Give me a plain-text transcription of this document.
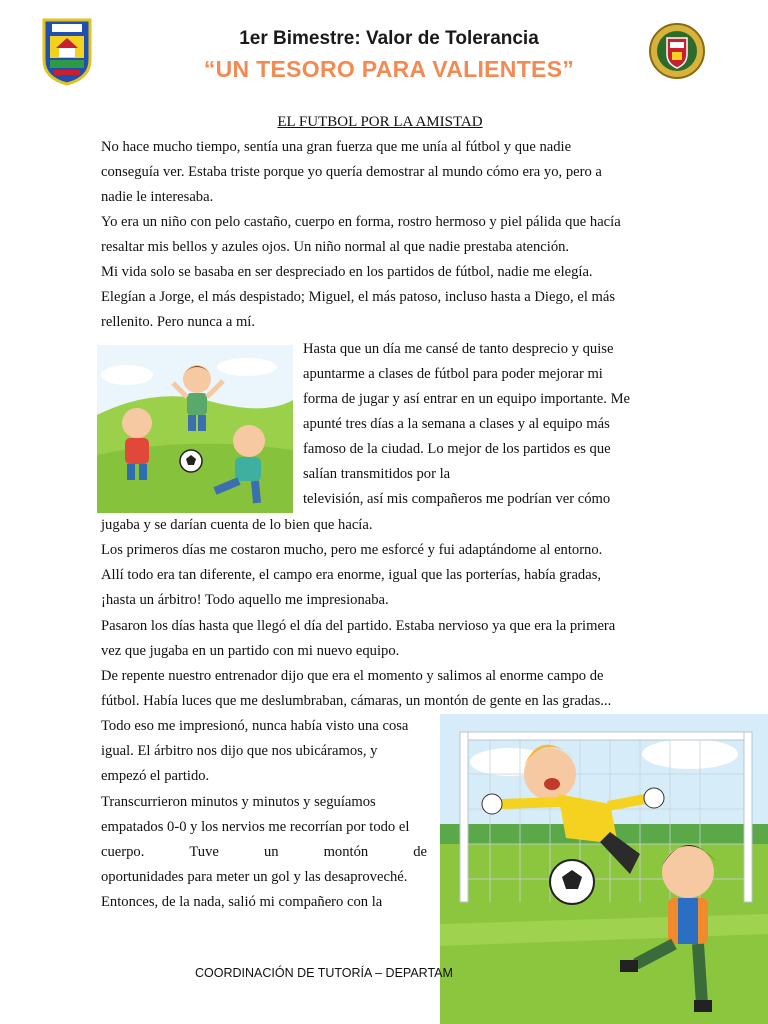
1er Bimestre: Valor de Tolerancia
“UN TESORO PARA VALIENTES”
EL FUTBOL POR LA AMISTAD
No hace mucho tiempo, sentía una gran fuerza que me unía al fútbol y que nadie
conseguía ver. Estaba triste porque yo quería demostrar al mundo cómo era yo, pero a
nadie le interesaba.
Yo era un niño con pelo castaño, cuerpo en forma, rostro hermoso y piel pálida que hacía
resaltar mis bellos y azules ojos. Un niño normal al que nadie prestaba atención.
Mi vida solo se basaba en ser despreciado en los partidos de fútbol, nadie me elegía.
Elegían a Jorge, el más despistado; Miguel, el más patoso, incluso hasta a Diego, el más
rellenito. Pero nunca a mí.
Hasta que un día me cansé de tanto desprecio y quise
apuntarme a clases de fútbol para poder mejorar mi
forma de jugar y así entrar en un equipo importante. Me
apunté tres días a la semana a clases y al equipo más
famoso de la ciudad. Lo mejor de los partidos es que
salían transmitidos por la
televisión, así mis compañeros me podrían ver cómo
jugaba y se darían cuenta de lo bien que hacía.
Los primeros días me costaron mucho, pero me esforcé y fui adaptándome al entorno.
Allí todo era tan diferente, el campo era enorme, igual que las porterías, había gradas,
¡hasta un árbitro! Todo aquello me impresionaba.
Pasaron los días hasta que llegó el día del partido. Estaba nervioso ya que era la primera
vez que jugaba en un partido con mi nuevo equipo.
De repente nuestro entrenador dijo que era el momento y salimos al enorme campo de
fútbol. Había luces que me deslumbraban, cámaras, un montón de gente en las gradas...
Todo eso me impresionó, nunca había visto una cosa
igual. El árbitro nos dijo que nos ubicáramos, y
empezó el partido.
Transcurrieron minutos y minutos y seguíamos
empatados 0-0 y los nervios me recorrían por todo el
cuerpo.	Tuve	un	montón	de
oportunidades para meter un gol y las desaproveché.
Entonces, de la nada, salió mi compañero con la
COORDINACIÓN DE TUTORÍA – DEPARTAM
